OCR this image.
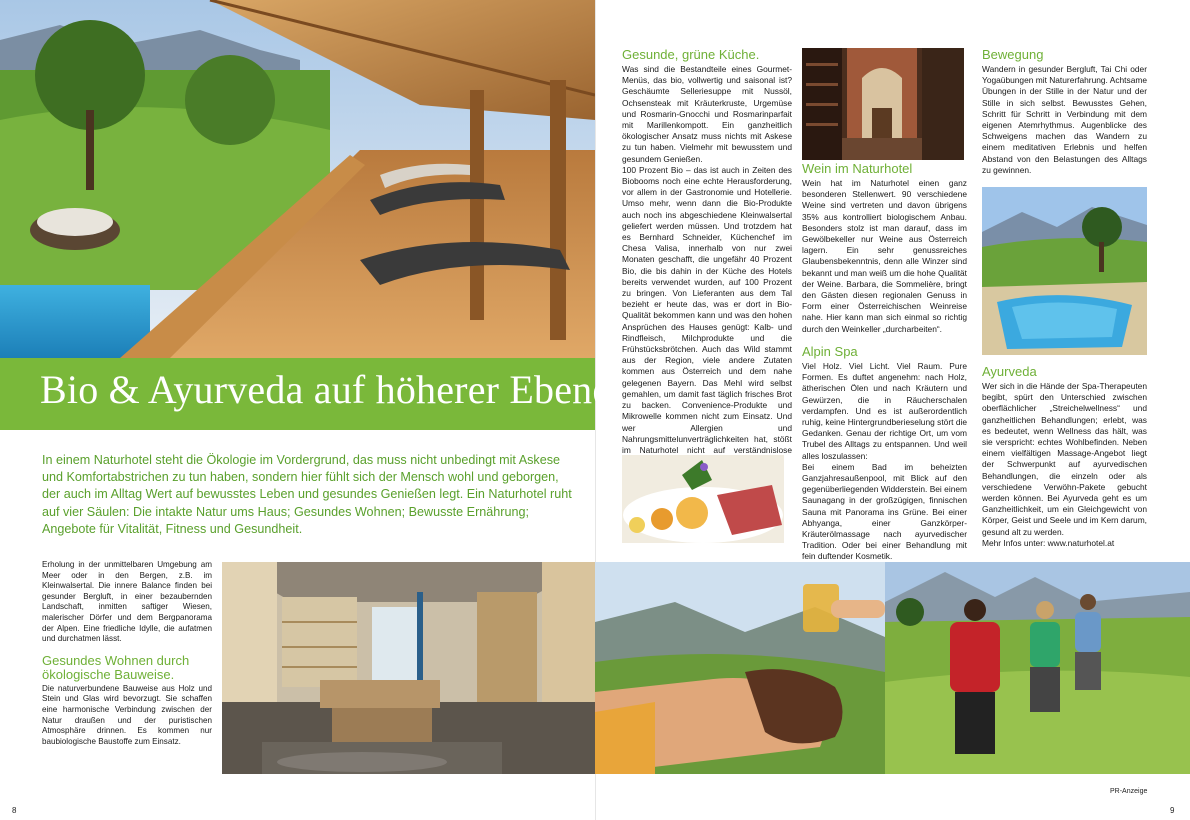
Bio & Ayurveda auf höherer Ebene
In einem Naturhotel steht die Ökologie im Vordergrund, das muss nicht unbedingt mit Askese und Komfortabstrichen zu tun haben, sondern hier fühlt sich der Mensch wohl und geborgen, der auch im Alltag Wert auf bewusstes Leben und gesundes Genießen legt. Ein Naturhotel ruht auf vier Säulen: Die intakte Natur ums Haus; Gesundes Wohnen; Bewusste Ernährung; Angebote für Vitalität, Fitness und Gesundheit.

Erholung in der unmittelbaren Umgebung am Meer oder in den Bergen, z.B. im Kleinwalsertal. Die innere Balance finden bei gesunder Bergluft, in einer bezaubernden Landschaft, inmitten saftiger Wiesen, malerischer Dörfer und dem Bergpanorama der Alpen. Eine friedliche Idylle, die aufatmen und durchatmen lässt.

Gesundes Wohnen durch ökologische Bauweise.

Die naturverbundene Bauweise aus Holz und Stein und Glas wird bevorzugt. Sie schaffen eine harmonische Verbindung zwischen der Natur draußen und der puristischen Atmosphäre drinnen. Es kommen nur baubiologische Baustoffe zum Einsatz.

Gesunde, grüne Küche.

Was sind die Bestandteile eines Gourmet-Menüs, das bio, vollwertig und saisonal ist? Geschäumte Selleriesuppe mit Nussöl, Ochsensteak mit Kräuterkruste, Urgemüse und Rosmarin-Gnocchi und Rosmarinparfait mit Marillenkompott. Ein ganzheitlich ökologischer Ansatz muss nichts mit Askese zu tun haben. Vielmehr mit bewusstem und gesundem Genießen.

100 Prozent Bio – das ist auch in Zeiten des Biobooms noch eine echte Herausforderung, vor allem in der Gastronomie und Hotellerie. Umso mehr, wenn dann die Bio-Produkte auch noch ins abgeschiedene Kleinwalsertal geliefert werden müssen. Und trotzdem hat es Bernhard Schneider, Küchenchef im Chesa Valisa, innerhalb von nur zwei Monaten geschafft, die ungefähr 40 Prozent Bio, die bis dahin in der Küche des Hotels bereits verwendet wurden, auf 100 Prozent zu bringen. Von Lieferanten aus dem Tal bezieht er heute das, was er dort in Bio-Qualität bekommen kann und was den hohen Ansprüchen des Hauses genügt: Kalb- und Rindfleisch, Milchprodukte und die Frühstücksbrötchen. Auch das Wild stammt aus der Region, viele andere Zutaten kommen aus Österreich und dem nahe gelegenen Bayern. Das Mehl wird selbst gemahlen, um damit fast täglich frisches Brot zu backen. Convenience-Produkte und Mikrowelle kommen nicht zum Einsatz. Und wer Allergien und Nahrungsmittelunverträglichkeiten hat, stößt im Naturhotel nicht auf verständnislose

Wein im Naturhotel

Wein hat im Naturhotel einen ganz besonderen Stellenwert. 90 verschiedene Weine sind vertreten und davon übrigens 35% aus kontrolliert biologischem Anbau. Besonders stolz ist man darauf, dass im Gewölbekeller nur Weine aus Österreich lagern. Ein sehr genussreiches Glaubensbekenntnis, denn alle Winzer sind bekannt und man weiß um die hohe Qualität der Weine. Barbara, die Sommelière, bringt den Gästen diesen regionalen Genuss in Form einer Österreichischen Weinreise nahe. Hier kann man sich einmal so richtig durch den Weinkeller „durcharbeiten“.

Alpin Spa

Viel Holz. Viel Licht. Viel Raum. Pure Formen. Es duftet angenehm: nach Holz, ätherischen Ölen und nach Kräutern und Gewürzen, die in Räucherschalen verdampfen. Und es ist außerordentlich ruhig, keine Hintergrundberieselung stört die Gedanken. Genau der richtige Ort, um vom Trubel des Alltags zu entspannen. Und weil alles loszulassen:

Bei einem Bad im beheizten Ganzjahresaußenpool, mit Blick auf den gegenüberliegenden Widderstein. Bei einem Saunagang in der großzügigen, finnischen Sauna mit Panorama ins Grüne. Bei einer Abhyanga, einer Ganzkörper-Kräuterölmassage nach ayurvedischer Tradition. Oder bei einer Behandlung mit fein duftender Kosmetik.

Bewegung

Wandern in gesunder Bergluft, Tai Chi oder Yogaübungen mit Naturerfahrung. Achtsame Übungen in der Stille in der Natur und der Stille in sich selbst. Bewusstes Gehen, Schritt für Schritt in Verbindung mit dem eigenen Atemrhythmus. Augenblicke des Schweigens machen das Wandern zu einem meditativen Erlebnis und helfen Abstand von den Belastungen des Alltags zu gewinnen.

Ayurveda

Wer sich in die Hände der Spa-Therapeuten begibt, spürt den Unterschied zwischen oberflächlicher „Streichelwellness“ und ganzheitlichen Behandlungen; erlebt, was es bedeutet, wenn Wellness das hält, was sie verspricht: echtes Wohlbefinden. Neben einem vielfältigen Massage-Angebot liegt der Schwerpunkt auf ayurvedischen Behandlungen, die einzeln oder als verschiedene Verwöhn-Pakete gebucht werden können. Bei Ayurveda geht es um Ganzheitlichkeit, um ein Gleichgewicht von Körper, Geist und Seele und im Kern darum, gesund alt zu werden.

Mehr Infos unter: www.naturhotel.at

8	9
PR-Anzeige
